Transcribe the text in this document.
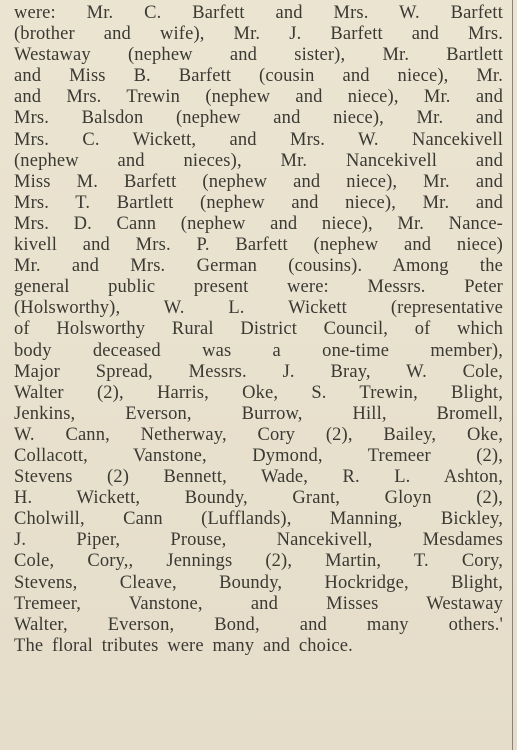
were: Mr. C. Barfett and Mrs. W. Barfett
(brother and wife), Mr. J. Barfett and Mrs.
Westaway (nephew and sister), Mr. Bartlett
and Miss B. Barfett (cousin and niece), Mr.
and Mrs. Trewin (nephew and niece), Mr. and
Mrs. Balsdon (nephew and niece), Mr. and
Mrs. C. Wickett, and Mrs. W. Nancekivell
(nephew and nieces), Mr. Nancekivell and
Miss M. Barfett (nephew and niece), Mr. and
Mrs. T. Bartlett (nephew and niece), Mr. and
Mrs. D. Cann (nephew and niece), Mr. Nance-
kivell and Mrs. P. Barfett (nephew and niece)
Mr. and Mrs. German (cousins). Among the
general public present were: Messrs. Peter
(Holsworthy), W. L. Wickett (representative
of Holsworthy Rural District Council, of which
body deceased was a one-time member),
Major Spread, Messrs. J. Bray, W. Cole,
Walter (2), Harris, Oke, S. Trewin, Blight,
Jenkins, Everson, Burrow, Hill, Bromell,
W. Cann, Netherway, Cory (2), Bailey, Oke,
Collacott, Vanstone, Dymond, Tremeer (2),
Stevens (2) Bennett, Wade, R. L. Ashton,
H. Wickett, Boundy, Grant, Gloyn (2),
Cholwill, Cann (Lufflands), Manning, Bickley,
J. Piper, Prouse, Nancekivell, Mesdames
Cole, Cory,, Jennings (2), Martin, T. Cory,
Stevens, Cleave, Boundy, Hockridge, Blight,
Tremeer, Vanstone, and Misses Westaway
Walter, Everson, Bond, and many others.'
The floral tributes were many and choice.
